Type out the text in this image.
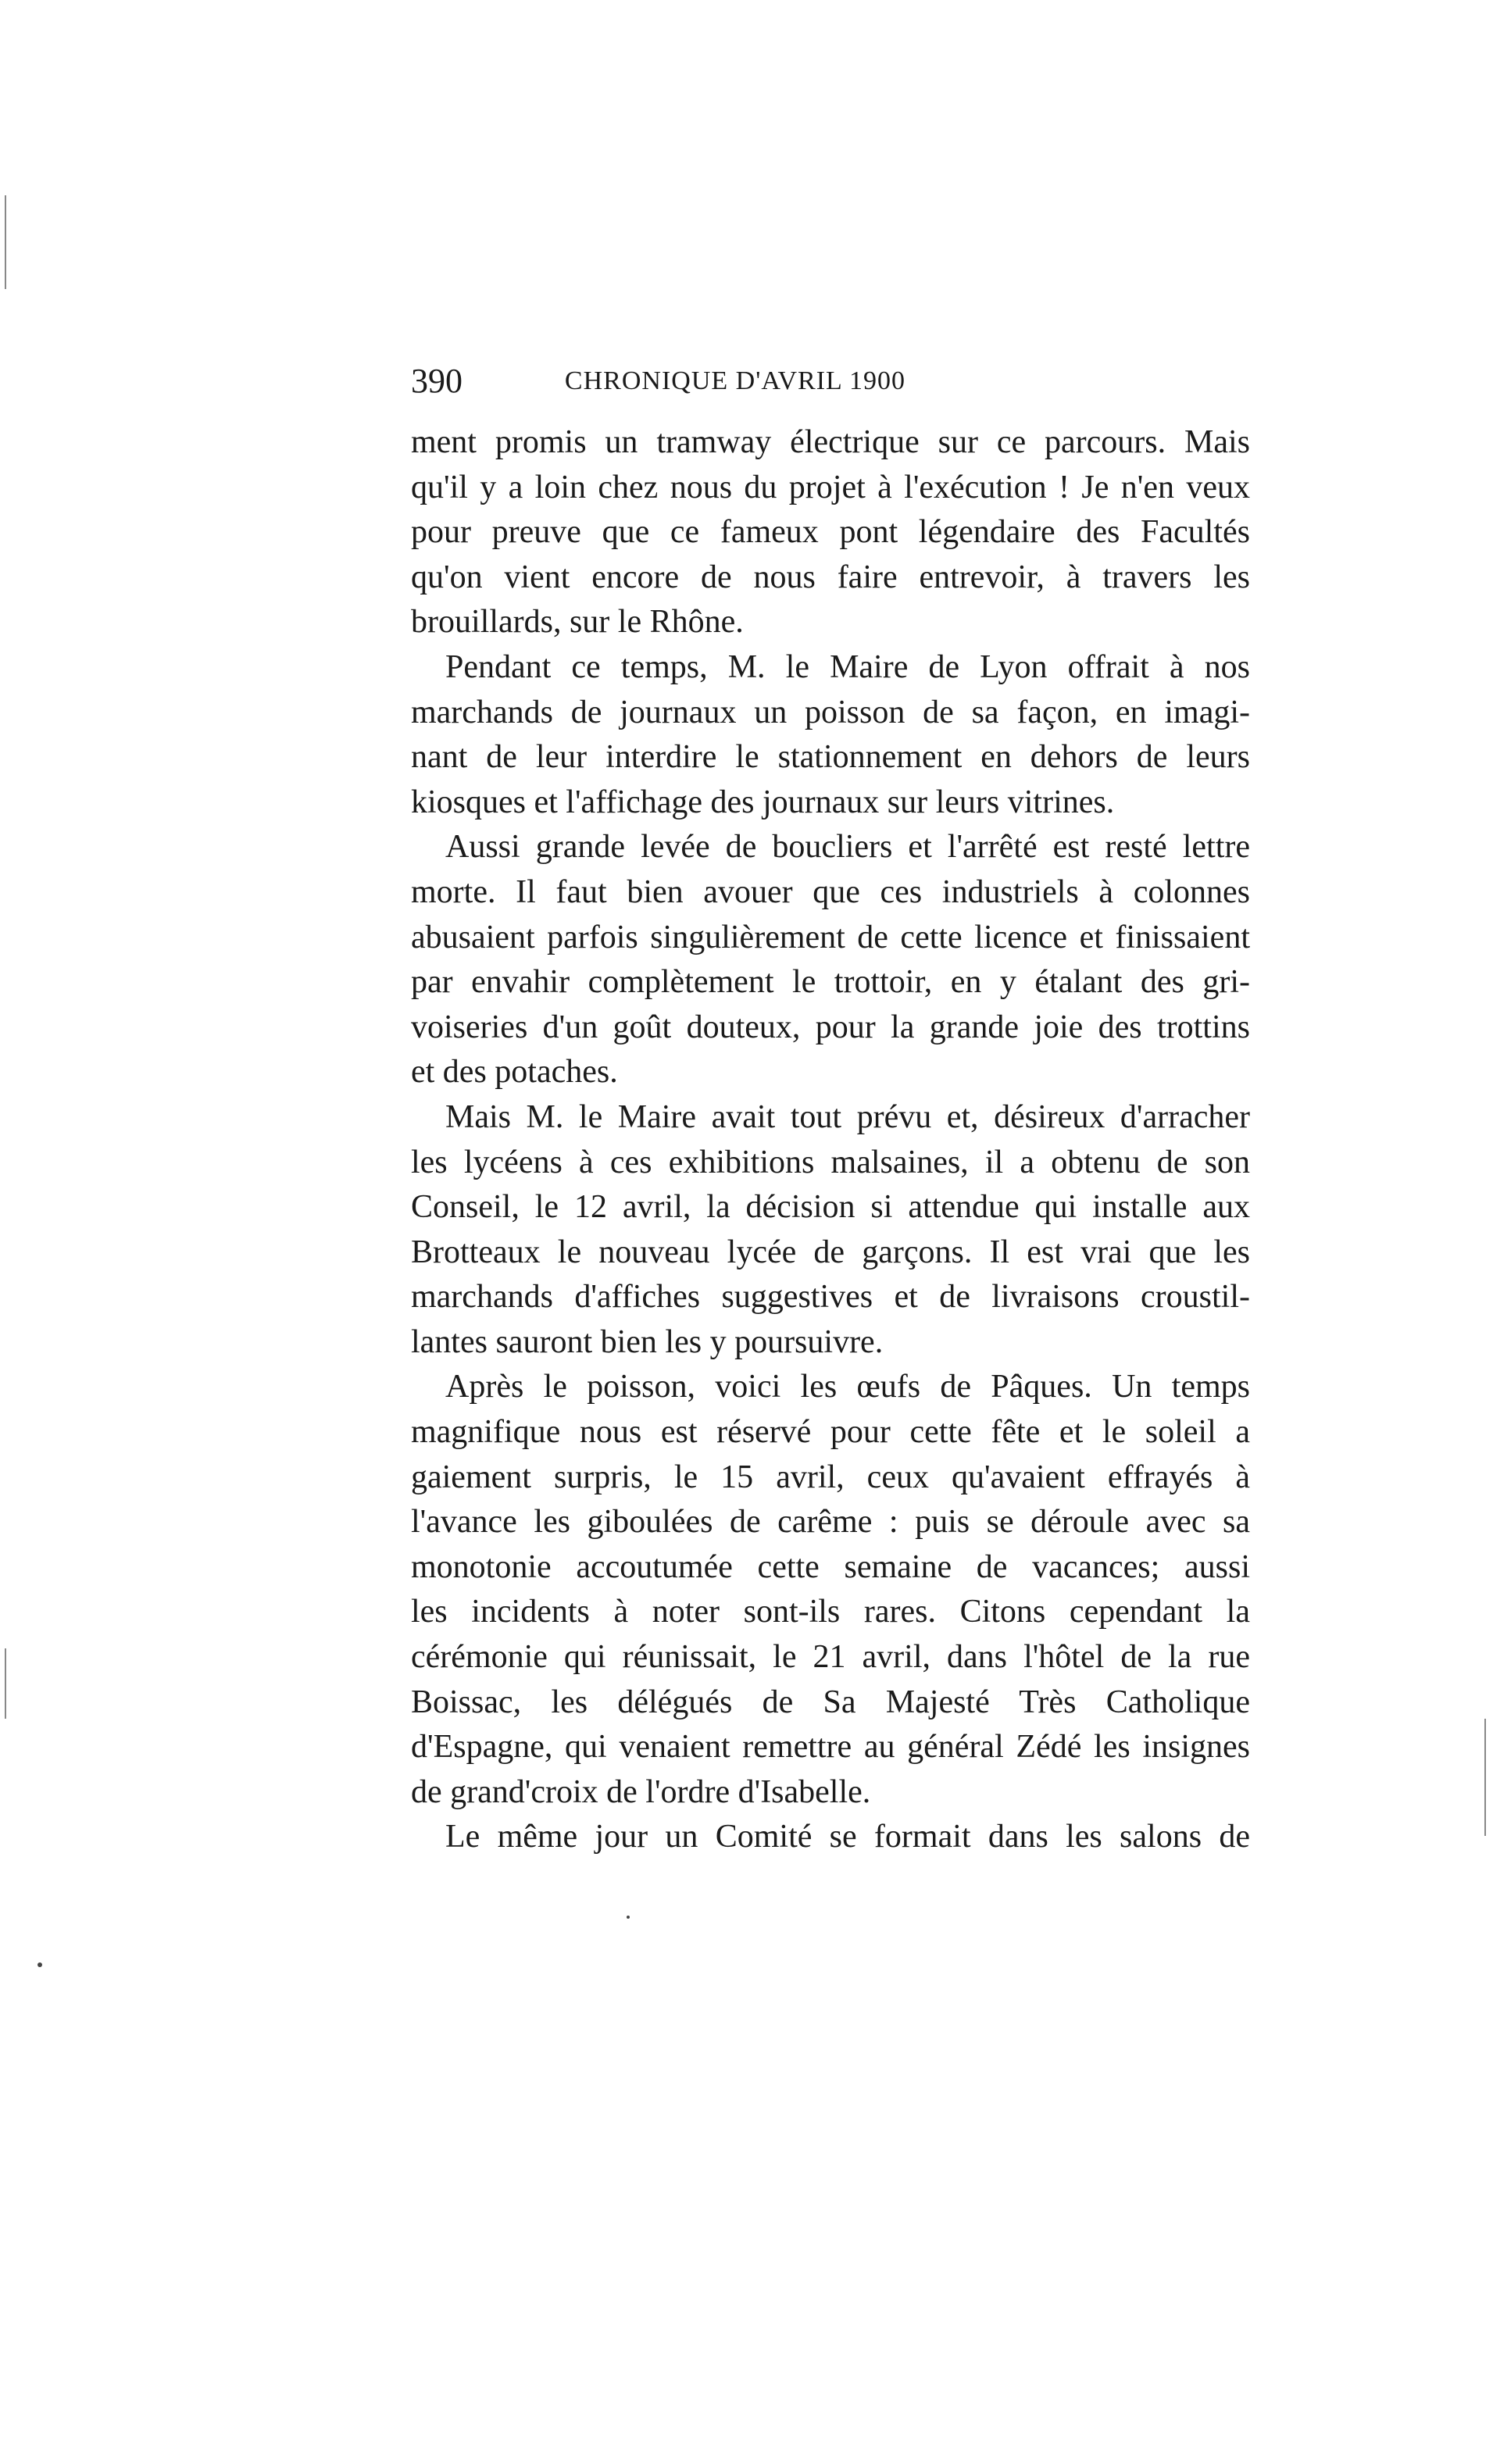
390	CHRONIQUE D'AVRIL 1900
ment promis un tramway électrique sur ce parcours. Mais
qu'il y a loin chez nous du projet à l'exécution ! Je n'en veux
pour preuve que ce fameux pont légendaire des Facultés
qu'on vient encore de nous faire entrevoir, à travers les
brouillards, sur le Rhône.
Pendant ce temps, M. le Maire de Lyon offrait à nos
marchands de journaux un poisson de sa façon, en imagi-
nant de leur interdire le stationnement en dehors de leurs
kiosques et l'affichage des journaux sur leurs vitrines.
Aussi grande levée de boucliers et l'arrêté est resté lettre
morte. Il faut bien avouer que ces industriels à colonnes
abusaient parfois singulièrement de cette licence et finissaient
par envahir complètement le trottoir, en y étalant des gri-
voiseries d'un goût douteux, pour la grande joie des trottins
et des potaches.
Mais M. le Maire avait tout prévu et, désireux d'arracher
les lycéens à ces exhibitions malsaines, il a obtenu de son
Conseil, le 12 avril, la décision si attendue qui installe aux
Brotteaux le nouveau lycée de garçons. Il est vrai que les
marchands d'affiches suggestives et de livraisons croustil-
lantes sauront bien les y poursuivre.
Après le poisson, voici les œufs de Pâques. Un temps
magnifique nous est réservé pour cette fête et le soleil a
gaiement surpris, le 15 avril, ceux qu'avaient effrayés à
l'avance les giboulées de carême : puis se déroule avec sa
monotonie accoutumée cette semaine de vacances; aussi
les incidents à noter sont-ils rares. Citons cependant la
cérémonie qui réunissait, le 21 avril, dans l'hôtel de la rue
Boissac, les délégués de Sa Majesté Très Catholique
d'Espagne, qui venaient remettre au général Zédé les insignes
de grand'croix de l'ordre d'Isabelle.
Le même jour un Comité se formait dans les salons de
